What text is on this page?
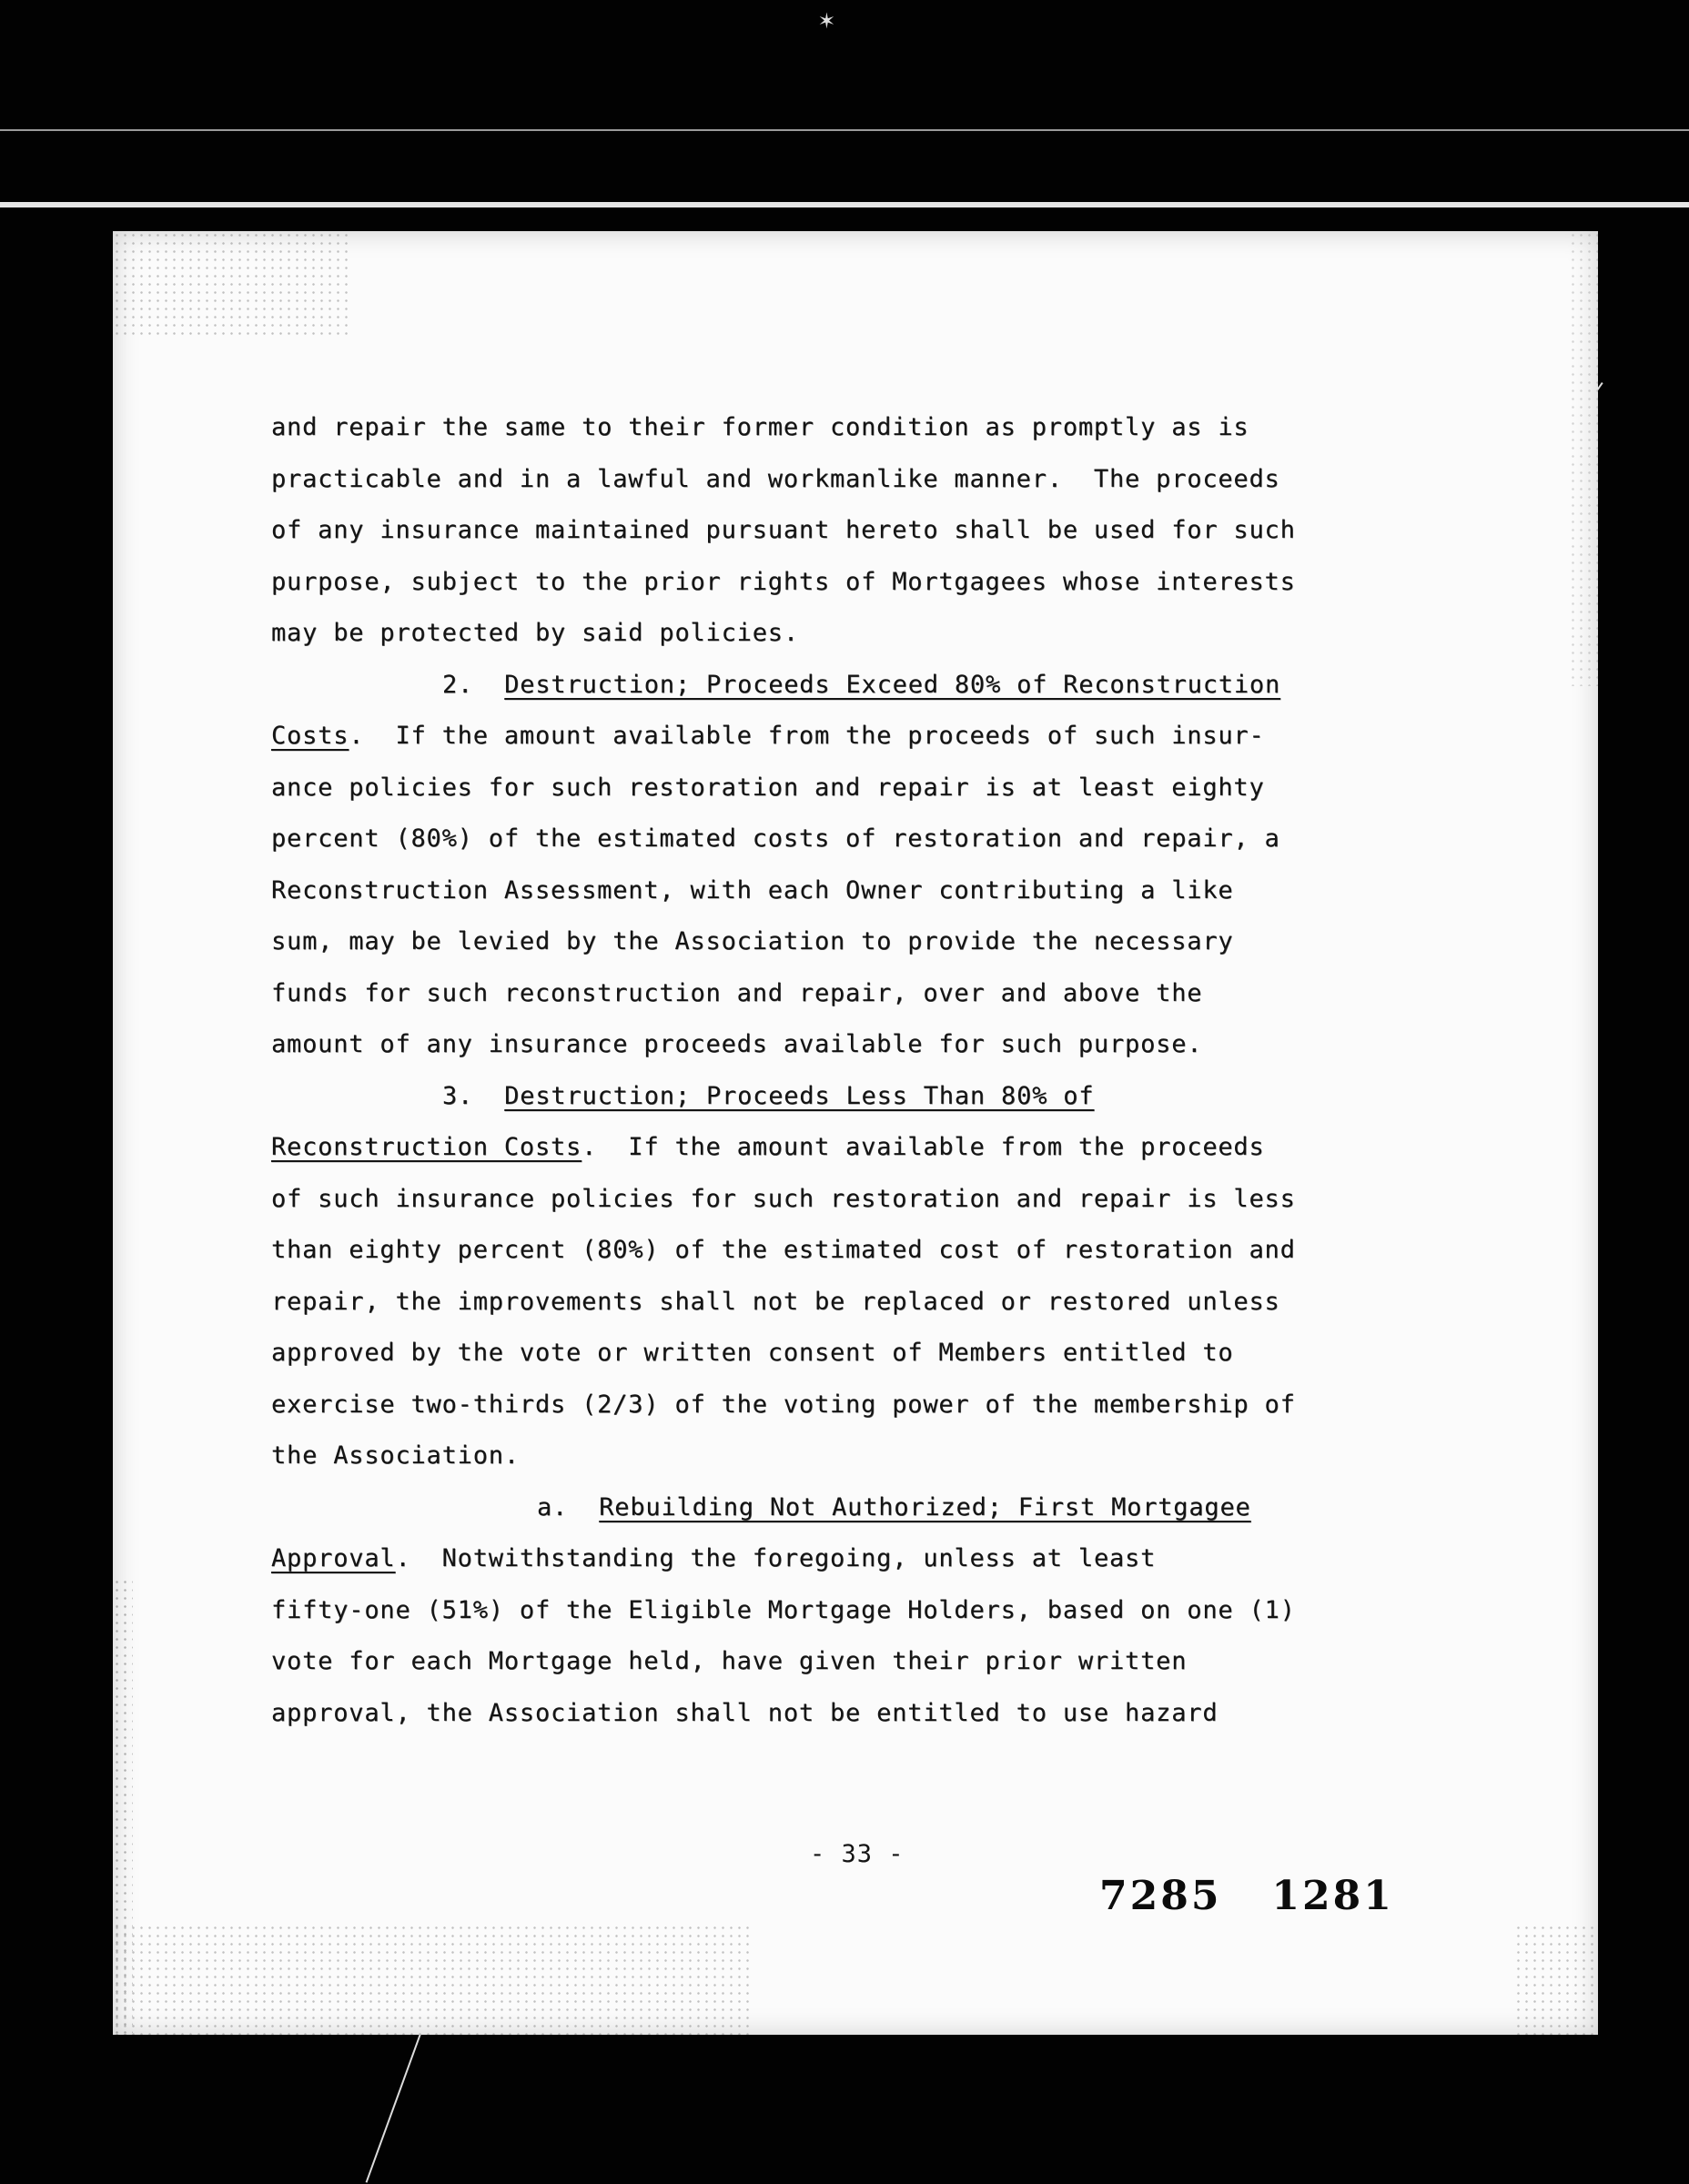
✶
and repair the same to their former condition as promptly as is
practicable and in a lawful and workmanlike manner.  The proceeds
of any insurance maintained pursuant hereto shall be used for such
purpose, subject to the prior rights of Mortgagees whose interests
may be protected by said policies.
2. Destruction; Proceeds Exceed 80% of Reconstruction
Costs.  If the amount available from the proceeds of such insur-
ance policies for such restoration and repair is at least eighty
percent (80%) of the estimated costs of restoration and repair, a
Reconstruction Assessment, with each Owner contributing a like
sum, may be levied by the Association to provide the necessary
funds for such reconstruction and repair, over and above the
amount of any insurance proceeds available for such purpose.
3. Destruction; Proceeds Less Than 80% of
Reconstruction Costs.  If the amount available from the proceeds
of such insurance policies for such restoration and repair is less
than eighty percent (80%) of the estimated cost of restoration and
repair, the improvements shall not be replaced or restored unless
approved by the vote or written consent of Members entitled to
exercise two-thirds (2/3) of the voting power of the membership of
the Association.
a. Rebuilding Not Authorized; First Mortgagee
Approval.  Notwithstanding the foregoing, unless at least
fifty-one (51%) of the Eligible Mortgage Holders, based on one (1)
vote for each Mortgage held, have given their prior written
approval, the Association shall not be entitled to use hazard
- 33 -
7285   1281
